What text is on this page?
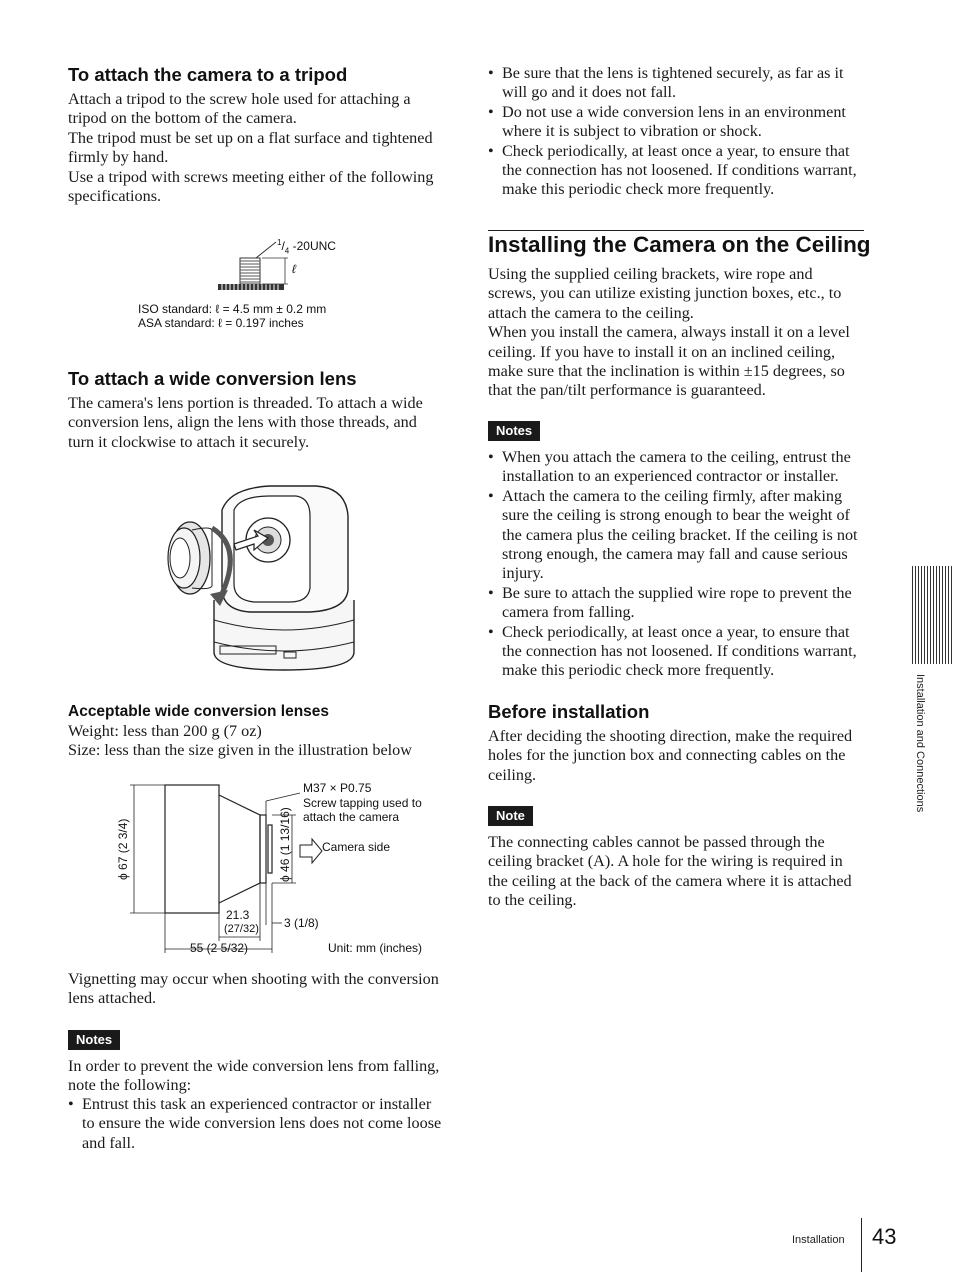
To attach the camera to a tripod
Attach a tripod to the screw hole used for attaching a tripod on the bottom of the camera.
The tripod must be set up on a flat surface and tightened firmly by hand.
Use a tripod with screws meeting either of the following specifications.
$^1/_4$ -20UNC
ℓ
ISO standard: ℓ = 4.5 mm ± 0.2 mm
ASA standard: ℓ = 0.197 inches
To attach a wide conversion lens
The camera's lens portion is threaded. To attach a wide conversion lens, align the lens with those threads, and turn it clockwise to attach it securely.
Acceptable wide conversion lenses
Weight: less than 200 g (7 oz)
Size: less than the size given in the illustration below
M37 × P0.75
Screw tapping used to
attach the camera
Camera side
ϕ 67 (2 3/4)	ϕ 46 (1 13/16)
21.3
(27/32) 3 (1/8)
55 (2 5/32)	Unit: mm (inches)
Vignetting may occur when shooting with the conversion lens attached.
Notes
In order to prevent the wide conversion lens from falling, note the following:
• Entrust this task an experienced contractor or installer to ensure the wide conversion lens does not come loose and fall.
• Be sure that the lens is tightened securely, as far as it will go and it does not fall.
• Do not use a wide conversion lens in an environment where it is subject to vibration or shock.
• Check periodically, at least once a year, to ensure that the connection has not loosened. If conditions warrant, make this periodic check more frequently.
Installing the Camera on the Ceiling
Using the supplied ceiling brackets, wire rope and screws, you can utilize existing junction boxes, etc., to attach the camera to the ceiling.
When you install the camera, always install it on a level ceiling. If you have to install it on an inclined ceiling, make sure that the inclination is within ±15 degrees, so that the pan/tilt performance is guaranteed.
Notes
• When you attach the camera to the ceiling, entrust the installation to an experienced contractor or installer.
• Attach the camera to the ceiling firmly, after making sure the ceiling is strong enough to bear the weight of the camera plus the ceiling bracket. If the ceiling is not strong enough, the camera may fall and cause serious injury.
• Be sure to attach the supplied wire rope to prevent the camera from falling.
• Check periodically, at least once a year, to ensure that the connection has not loosened. If conditions warrant, make this periodic check more frequently.
Before installation
After deciding the shooting direction, make the required holes for the junction box and connecting cables on the ceiling.
Note
The connecting cables cannot be passed through the ceiling bracket (A). A hole for the wiring is required in the ceiling at the back of the camera where it is attached to the ceiling.
Installation and Connections
Installation 43
